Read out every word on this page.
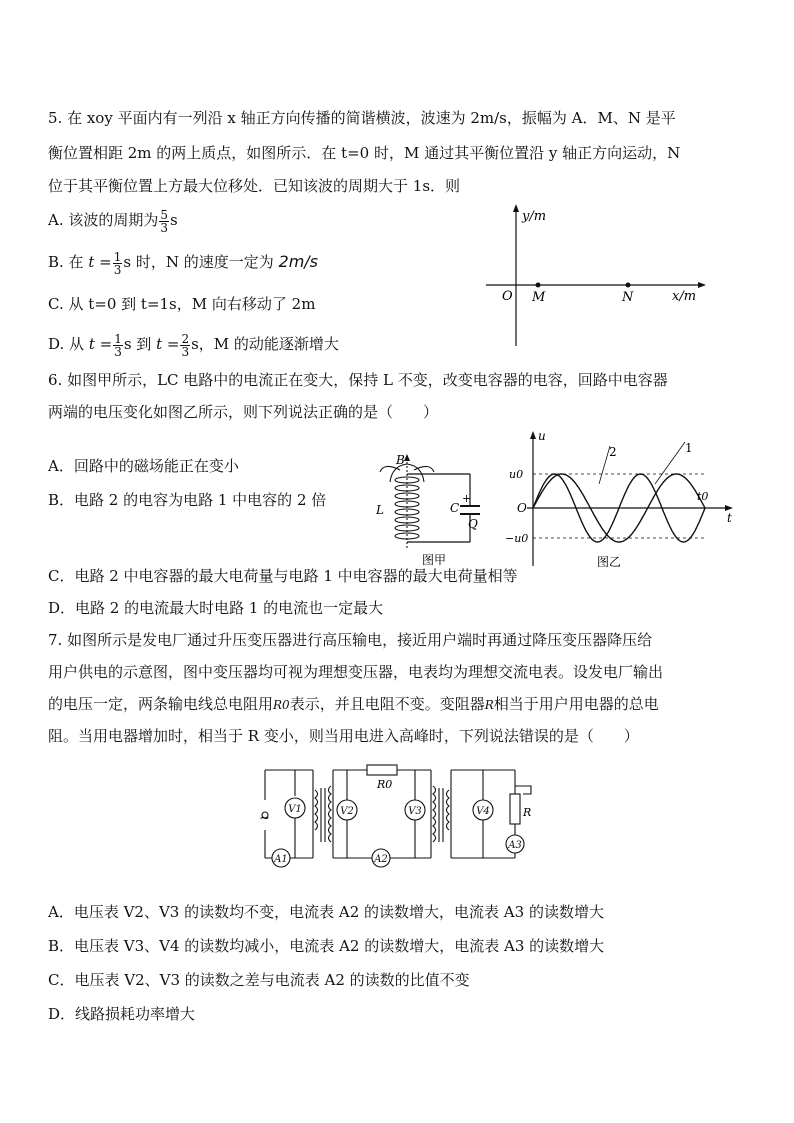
5. 在 xoy 平面内有一列沿 x 轴正方向传播的简谐横波，波速为 2m/s，振幅为 A．M、N 是平
衡位置相距 2m 的两上质点，如图所示．在 t=0 时，M 通过其平衡位置沿 y 轴正方向运动，N
位于其平衡位置上方最大位移处．已知该波的周期大于 1s．则
A. 该波的周期为 $\frac{5}{3}$ s
B. 在 $t = \frac{1}{3}$ s 时，N 的速度一定为 2m/s
C. 从 t=0 到 t=1s，M 向右移动了 2m
D. 从 $t = \frac{1}{3}$ s 到 $t = \frac{2}{3}$ s，M 的动能逐渐增大
y/m
x/m
O M	N
6. 如图甲所示，LC 电路中的电流正在变大，保持 L 不变，改变电容器的电容，回路中电容器
两端的电压变化如图乙所示，则下列说法正确的是（　　）
A．回路中的磁场能正在变小
B．电路 2 的电容为电路 1 中电容的 2 倍
C．电路 2 中电容器的最大电荷量与电路 1 中电容器的最大电荷量相等
D．电路 2 的电流最大时电路 1 的电流也一定最大
B
L	C
+
Q
图甲
u
u0
−u0
O
t
t0
2	1
图乙
7. 如图所示是发电厂通过升压变压器进行高压输电，接近用户端时再通过降压变压器降压给
用户供电的示意图，图中变压器均可视为理想变压器，电表均为理想交流电表。设发电厂输出
的电压一定，两条输电线总电阻用R0表示，并且电阻不变。变阻器R相当于用户用电器的总电
阻。当用电器增加时，相当于 R 变小，则当用电进入高峰时，下列说法错误的是（　　）
~
V1	V2	V3	V4
A1	A2
A3
R0
R
A．电压表 V2、V3 的读数均不变，电流表 A2 的读数增大，电流表 A3 的读数增大
B．电压表 V3、V4 的读数均减小，电流表 A2 的读数增大，电流表 A3 的读数增大
C．电压表 V2、V3 的读数之差与电流表 A2 的读数的比值不变
D．线路损耗功率增大
